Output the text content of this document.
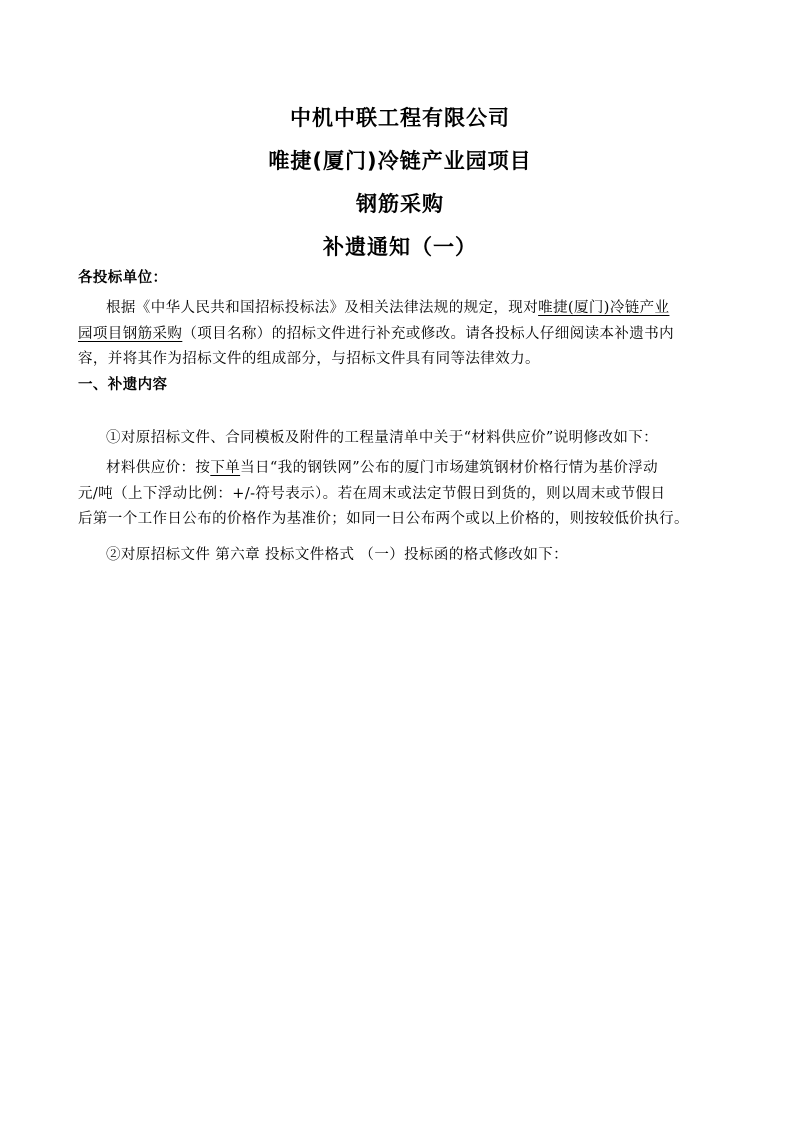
中机中联工程有限公司
唯捷(厦门)冷链产业园项目
钢筋采购
补遗通知（一）
各投标单位：
根据《中华人民共和国招标投标法》及相关法律法规的规定，现对唯捷(厦门)冷链产业
园项目钢筋采购（项目名称）的招标文件进行补充或修改。请各投标人仔细阅读本补遗书内
容，并将其作为招标文件的组成部分，与招标文件具有同等法律效力。
一、补遗内容
①对原招标文件、合同模板及附件的工程量清单中关于“材料供应价”说明修改如下：
材料供应价：按下单当日“我的钢铁网”公布的厦门市场建筑钢材价格行情为基价浮动
元/吨（上下浮动比例：+/-符号表示）。若在周末或法定节假日到货的，则以周末或节假日
后第一个工作日公布的价格作为基准价；如同一日公布两个或以上价格的，则按较低价执行。
②对原招标文件 第六章 投标文件格式 （一）投标函的格式修改如下：
